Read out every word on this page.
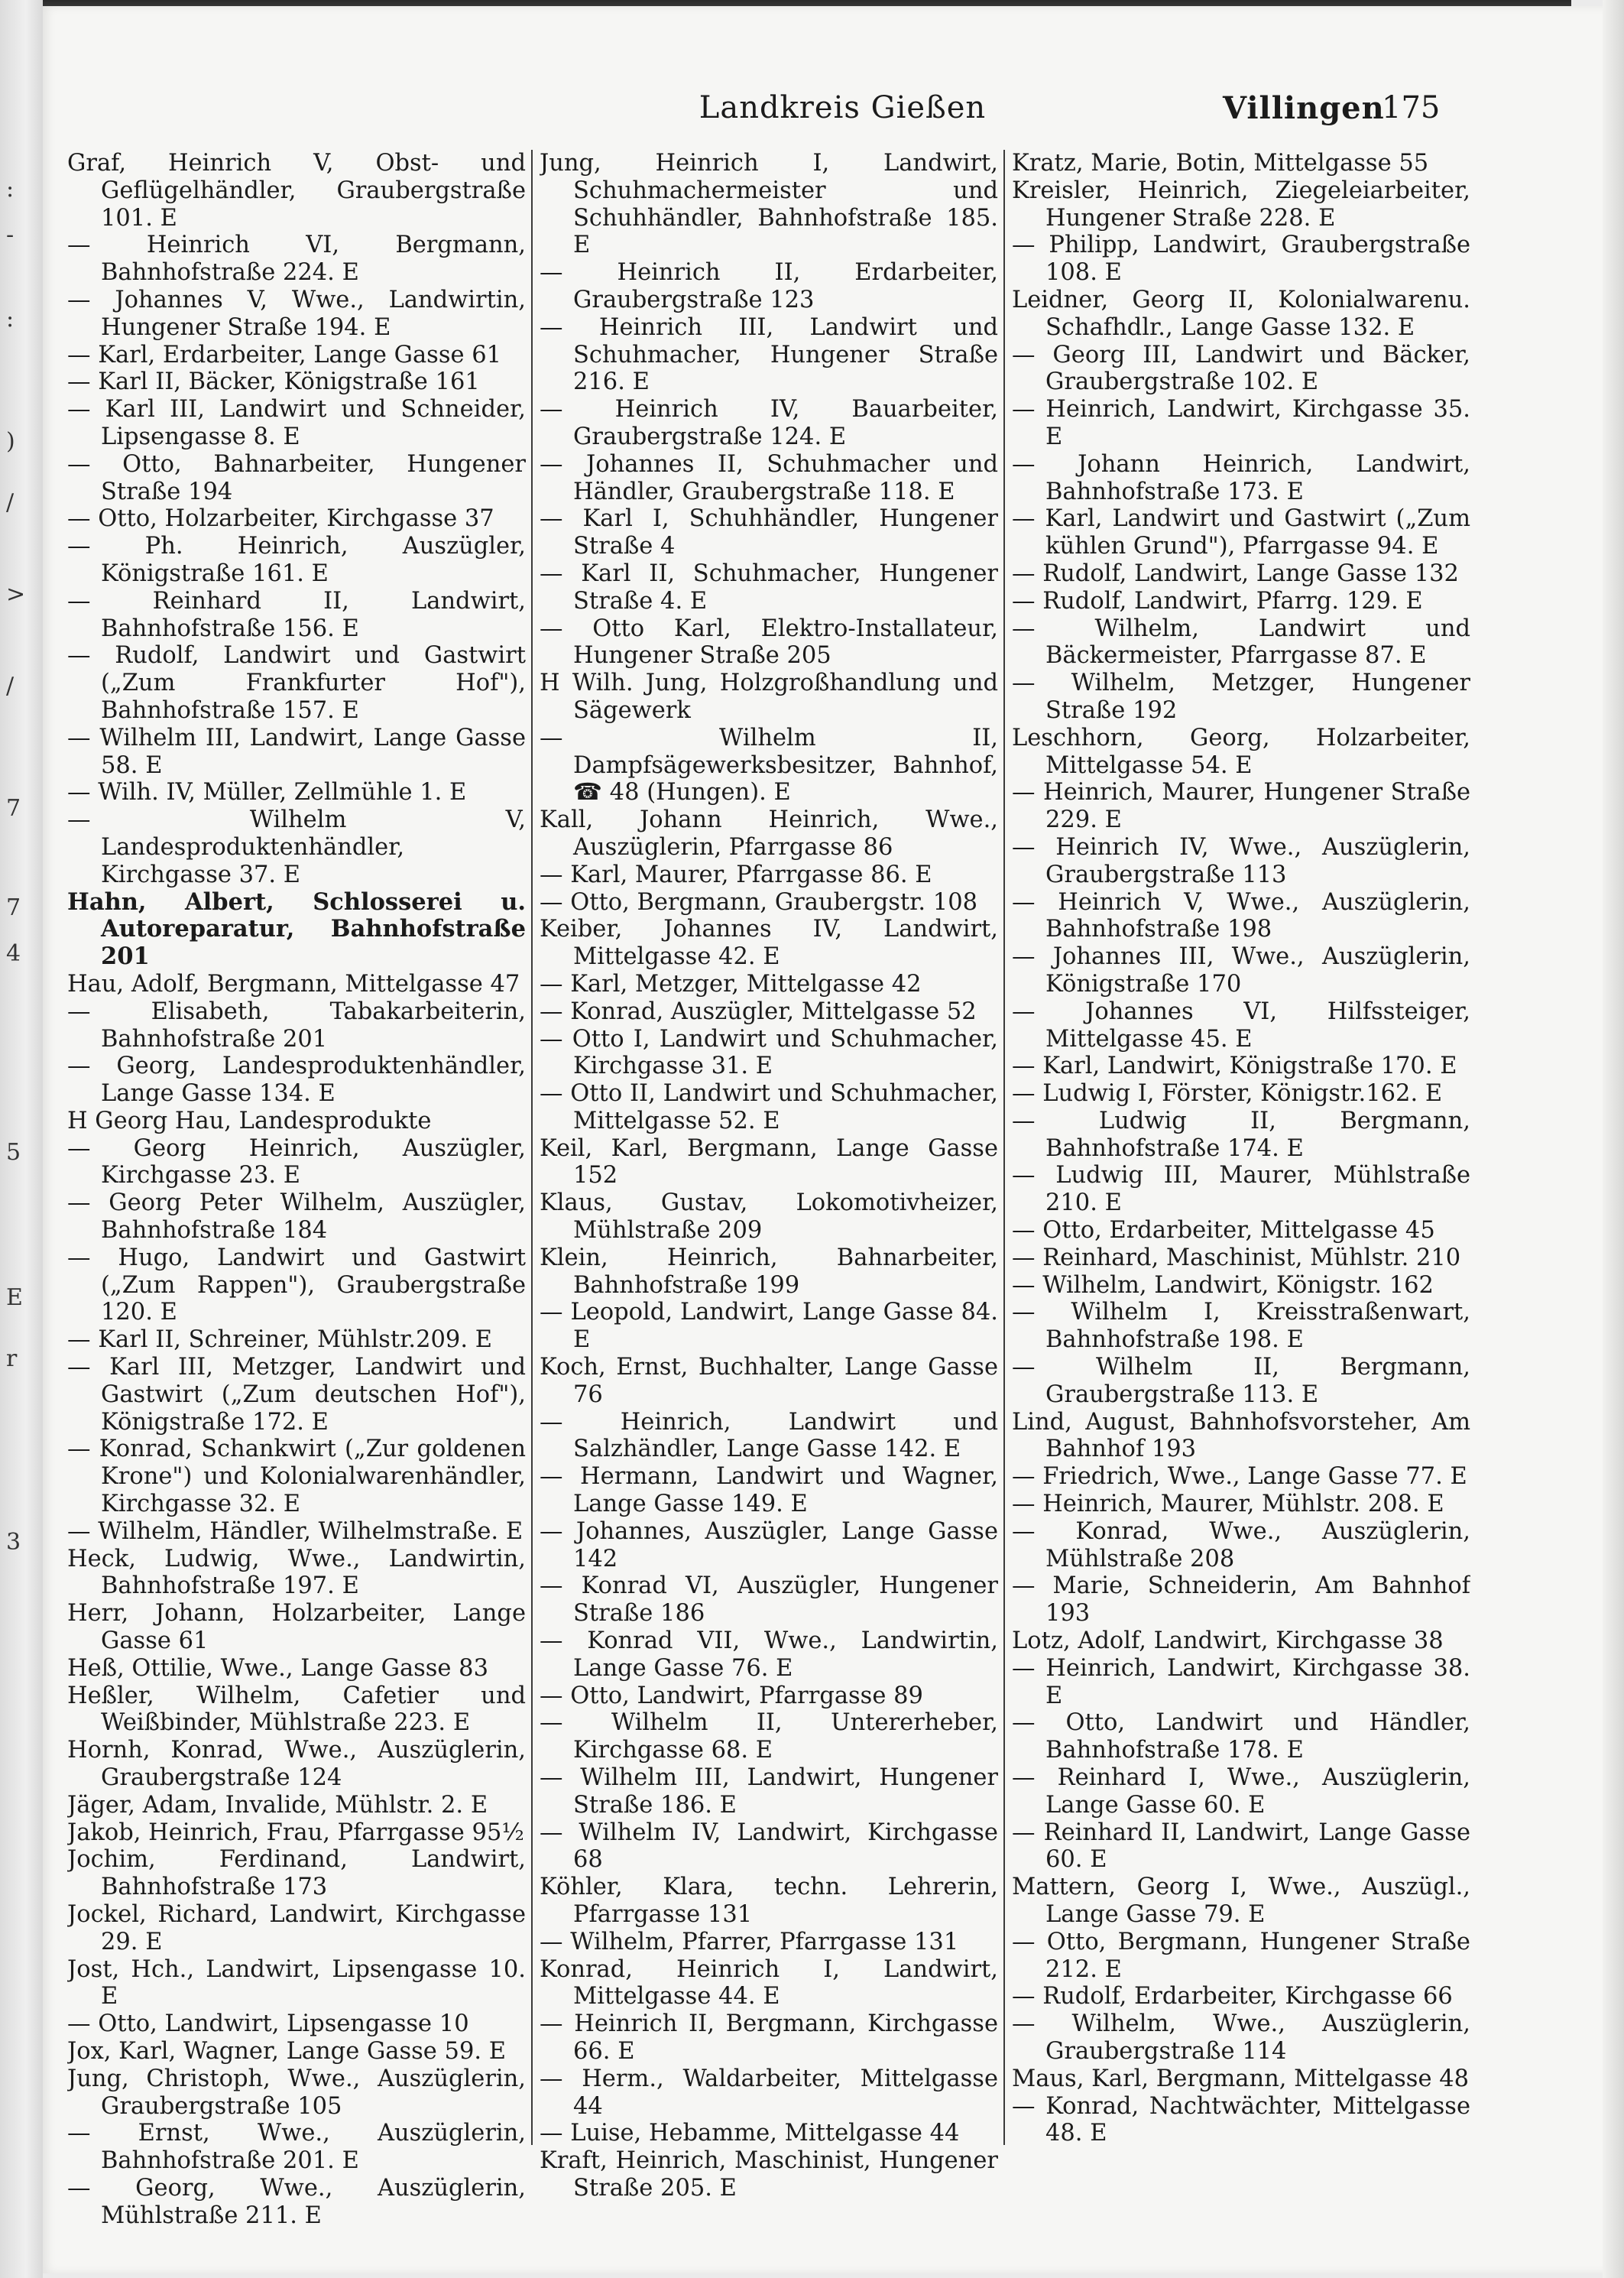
:
-
:
)
/
>
/
7
7
4
5
E
r
3
Landkreis Gießen	Villingen
175

Graf, Heinrich V, Obst- und Geflügelhändler, Graubergstraße 101. E

— Heinrich VI, Bergmann, Bahnhofstraße 224. E

— Johannes V, Wwe., Landwirtin, Hungener Straße 194. E

— Karl, Erdarbeiter, Lange Gasse 61

— Karl II, Bäcker, Königstraße 161

— Karl III, Landwirt und Schneider, Lipsengasse 8. E

— Otto, Bahnarbeiter, Hungener Straße 194

— Otto, Holzarbeiter, Kirchgasse 37

— Ph. Heinrich, Auszügler, Königstraße 161. E

— Reinhard II, Landwirt, Bahnhofstraße 156. E

— Rudolf, Landwirt und Gastwirt („Zum Frankfurter Hof"), Bahnhofstraße 157. E

— Wilhelm III, Landwirt, Lange Gasse 58. E

— Wilh. IV, Müller, Zellmühle 1. E

— Wilhelm V, Landesproduktenhändler, Kirchgasse 37. E

Hahn, Albert, Schlosserei u. Autoreparatur, Bahnhofstraße 201

Hau, Adolf, Bergmann, Mittelgasse 47

— Elisabeth, Tabakarbeiterin, Bahnhofstraße 201

— Georg, Landesproduktenhändler, Lange Gasse 134. E

H Georg Hau, Landesprodukte

— Georg Heinrich, Auszügler, Kirchgasse 23. E

— Georg Peter Wilhelm, Auszügler, Bahnhofstraße 184

— Hugo, Landwirt und Gastwirt („Zum Rappen"), Graubergstraße 120. E

— Karl II, Schreiner, Mühlstr.209. E

— Karl III, Metzger, Landwirt und Gastwirt („Zum deutschen Hof"), Königstraße 172. E

— Konrad, Schankwirt („Zur goldenen Krone") und Kolonialwarenhändler, Kirchgasse 32. E

— Wilhelm, Händler, Wilhelmstraße. E

Heck, Ludwig, Wwe., Landwirtin, Bahnhofstraße 197. E

Herr, Johann, Holzarbeiter, Lange Gasse 61

Heß, Ottilie, Wwe., Lange Gasse 83

Heßler, Wilhelm, Cafetier und Weißbinder, Mühlstraße 223. E

Hornh, Konrad, Wwe., Auszüglerin, Graubergstraße 124

Jäger, Adam, Invalide, Mühlstr. 2. E

Jakob, Heinrich, Frau, Pfarrgasse 95½

Jochim, Ferdinand, Landwirt, Bahnhofstraße 173

Jockel, Richard, Landwirt, Kirchgasse 29. E

Jost, Hch., Landwirt, Lipsengasse 10. E

— Otto, Landwirt, Lipsengasse 10

Jox, Karl, Wagner, Lange Gasse 59. E

Jung, Christoph, Wwe., Auszüglerin, Graubergstraße 105

— Ernst, Wwe., Auszüglerin, Bahnhofstraße 201. E

— Georg, Wwe., Auszüglerin, Mühlstraße 211. E

Jung, Heinrich I, Landwirt, Schuhmachermeister und Schuhhändler, Bahnhofstraße 185. E

— Heinrich II, Erdarbeiter, Graubergstraße 123

— Heinrich III, Landwirt und Schuhmacher, Hungener Straße 216. E

— Heinrich IV, Bauarbeiter, Graubergstraße 124. E

— Johannes II, Schuhmacher und Händler, Graubergstraße 118. E

— Karl I, Schuhhändler, Hungener Straße 4

— Karl II, Schuhmacher, Hungener Straße 4. E

— Otto Karl, Elektro-Installateur, Hungener Straße 205

H Wilh. Jung, Holzgroßhandlung und Sägewerk

— Wilhelm II, Dampfsägewerksbesitzer, Bahnhof, ☎ 48 (Hungen). E

Kall, Johann Heinrich, Wwe., Auszüglerin, Pfarrgasse 86

— Karl, Maurer, Pfarrgasse 86. E

— Otto, Bergmann, Graubergstr. 108

Keiber, Johannes IV, Landwirt, Mittelgasse 42. E

— Karl, Metzger, Mittelgasse 42

— Konrad, Auszügler, Mittelgasse 52

— Otto I, Landwirt und Schuhmacher, Kirchgasse 31. E

— Otto II, Landwirt und Schuhmacher, Mittelgasse 52. E

Keil, Karl, Bergmann, Lange Gasse 152

Klaus, Gustav, Lokomotivheizer, Mühlstraße 209

Klein, Heinrich, Bahnarbeiter, Bahnhofstraße 199

— Leopold, Landwirt, Lange Gasse 84. E

Koch, Ernst, Buchhalter, Lange Gasse 76

— Heinrich, Landwirt und Salzhändler, Lange Gasse 142. E

— Hermann, Landwirt und Wagner, Lange Gasse 149. E

— Johannes, Auszügler, Lange Gasse 142

— Konrad VI, Auszügler, Hungener Straße 186

— Konrad VII, Wwe., Landwirtin, Lange Gasse 76. E

— Otto, Landwirt, Pfarrgasse 89

— Wilhelm II, Untererheber, Kirchgasse 68. E

— Wilhelm III, Landwirt, Hungener Straße 186. E

— Wilhelm IV, Landwirt, Kirchgasse 68

Köhler, Klara, techn. Lehrerin, Pfarrgasse 131

— Wilhelm, Pfarrer, Pfarrgasse 131

Konrad, Heinrich I, Landwirt, Mittelgasse 44. E

— Heinrich II, Bergmann, Kirchgasse 66. E

— Herm., Waldarbeiter, Mittelgasse 44

— Luise, Hebamme, Mittelgasse 44

Kraft, Heinrich, Maschinist, Hungener Straße 205. E

Kratz, Marie, Botin, Mittelgasse 55

Kreisler, Heinrich, Ziegeleiarbeiter, Hungener Straße 228. E

— Philipp, Landwirt, Graubergstraße 108. E

Leidner, Georg II, Kolonialwarenu. Schafhdlr., Lange Gasse 132. E

— Georg III, Landwirt und Bäcker, Graubergstraße 102. E

— Heinrich, Landwirt, Kirchgasse 35. E

— Johann Heinrich, Landwirt, Bahnhofstraße 173. E

— Karl, Landwirt und Gastwirt („Zum kühlen Grund"), Pfarrgasse 94. E

— Rudolf, Landwirt, Lange Gasse 132

— Rudolf, Landwirt, Pfarrg. 129. E

— Wilhelm, Landwirt und Bäckermeister, Pfarrgasse 87. E

— Wilhelm, Metzger, Hungener Straße 192

Leschhorn, Georg, Holzarbeiter, Mittelgasse 54. E

— Heinrich, Maurer, Hungener Straße 229. E

— Heinrich IV, Wwe., Auszüglerin, Graubergstraße 113

— Heinrich V, Wwe., Auszüglerin, Bahnhofstraße 198

— Johannes III, Wwe., Auszüglerin, Königstraße 170

— Johannes VI, Hilfssteiger, Mittelgasse 45. E

— Karl, Landwirt, Königstraße 170. E

— Ludwig I, Förster, Königstr.162. E

— Ludwig II, Bergmann, Bahnhofstraße 174. E

— Ludwig III, Maurer, Mühlstraße 210. E

— Otto, Erdarbeiter, Mittelgasse 45

— Reinhard, Maschinist, Mühlstr. 210

— Wilhelm, Landwirt, Königstr. 162

— Wilhelm I, Kreisstraßenwart, Bahnhofstraße 198. E

— Wilhelm II, Bergmann, Graubergstraße 113. E

Lind, August, Bahnhofsvorsteher, Am Bahnhof 193

— Friedrich, Wwe., Lange Gasse 77. E

— Heinrich, Maurer, Mühlstr. 208. E

— Konrad, Wwe., Auszüglerin, Mühlstraße 208

— Marie, Schneiderin, Am Bahnhof 193

Lotz, Adolf, Landwirt, Kirchgasse 38

— Heinrich, Landwirt, Kirchgasse 38. E

— Otto, Landwirt und Händler, Bahnhofstraße 178. E

— Reinhard I, Wwe., Auszüglerin, Lange Gasse 60. E

— Reinhard II, Landwirt, Lange Gasse 60. E

Mattern, Georg I, Wwe., Auszügl., Lange Gasse 79. E

— Otto, Bergmann, Hungener Straße 212. E

— Rudolf, Erdarbeiter, Kirchgasse 66

— Wilhelm, Wwe., Auszüglerin, Graubergstraße 114

Maus, Karl, Bergmann, Mittelgasse 48

— Konrad, Nachtwächter, Mittelgasse 48. E
